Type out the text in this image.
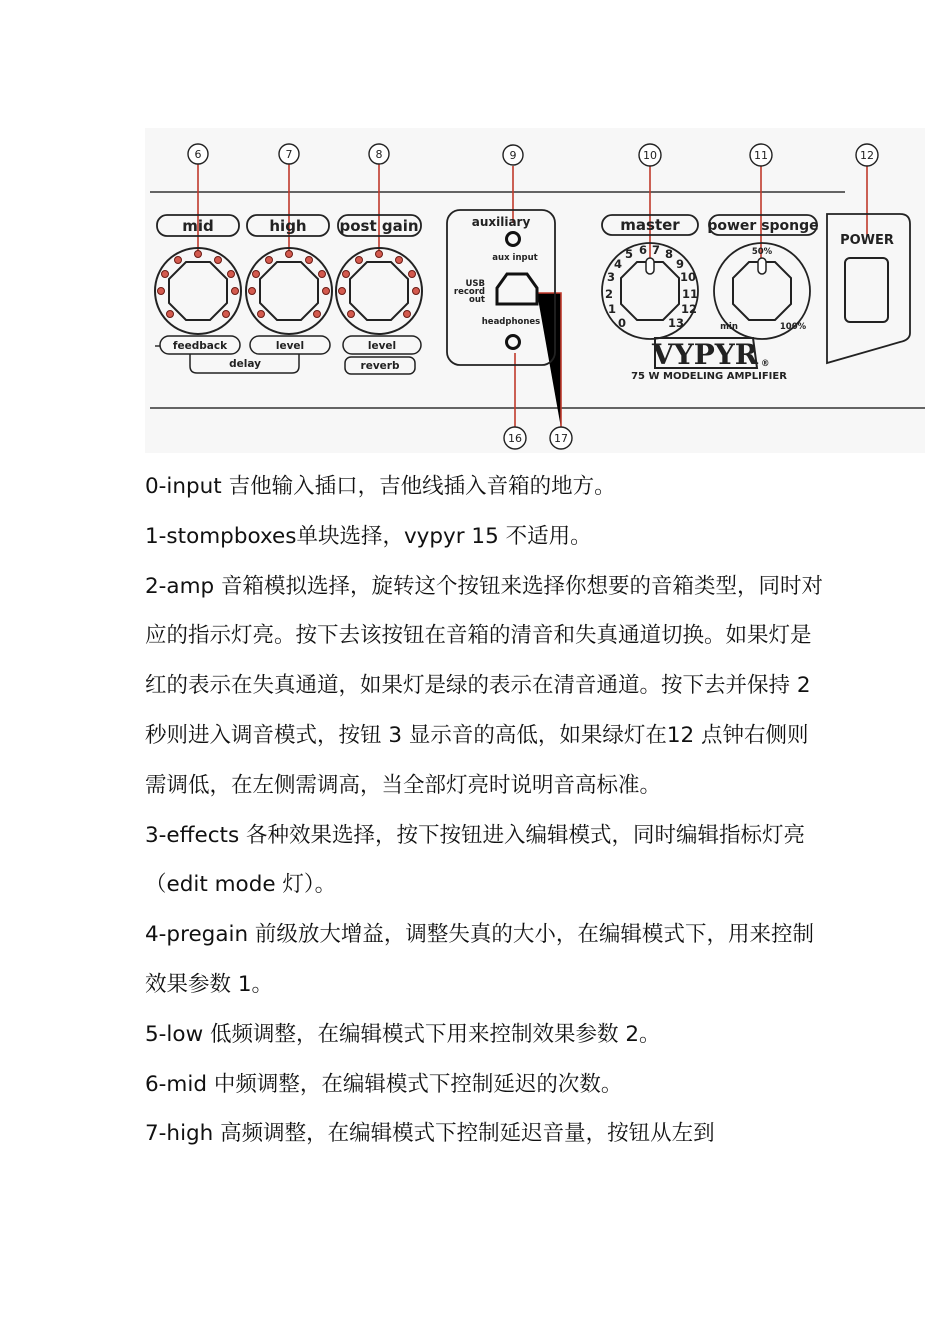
6	7	8	9	10	11	12
16	17
mid	high post gain
feedback	level	level
delay	reverb
auxiliary
aux input
USB
record
out
headphones
master power sponge
0
1
2
3
4
5 6 7 8
9
10
11
12
13
50%
min	100%
VYPYR ®
75 W MODELING AMPLIFIER
POWER

0-input 吉他输入插口，吉他线插入音箱的地方。

1-stompboxes单块选择，vypyr 15 不适用。

2-amp 音箱模拟选择，旋转这个按钮来选择你想要的音箱类型，同时对应的指示灯亮。按下去该按钮在音箱的清音和失真通道切换。如果灯是红的表示在失真通道，如果灯是绿的表示在清音通道。按下去并保持 2 秒则进入调音模式，按钮 3 显示音的高低，如果绿灯在12 点钟右侧则需调低，在左侧需调高，当全部灯亮时说明音高标准。

3-effects 各种效果选择，按下按钮进入编辑模式，同时编辑指标灯亮（edit mode 灯）。

4-pregain 前级放大增益，调整失真的大小，在编辑模式下，用来控制效果参数 1。

5-low 低频调整，在编辑模式下用来控制效果参数 2。

6-mid 中频调整，在编辑模式下控制延迟的次数。

7-high 高频调整，在编辑模式下控制延迟音量，按钮从左到
